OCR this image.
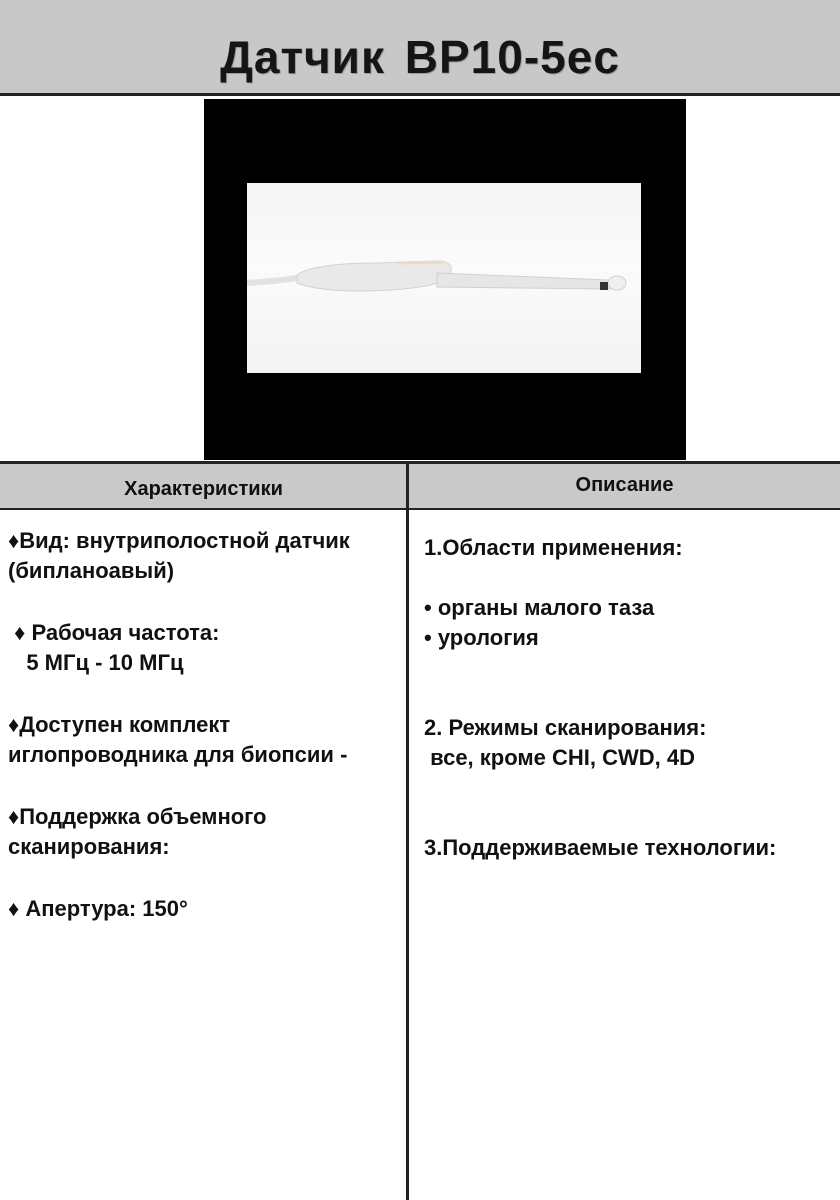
Датчик BP10-5ec
Характеристики	Описание
♦Вид: внутриполостной датчик
(бипланоавый)
♦ Рабочая частота:
5 МГц - 10 МГц
♦Доступен комплект
иглопроводника для биопсии -
♦Поддержка объемного
сканирования:
♦ Апертура: 150°
1.Области применения:
• органы малого таза
• урология
2. Режимы сканирования:
все, кроме CHI, CWD, 4D
3.Поддерживаемые технологии:
